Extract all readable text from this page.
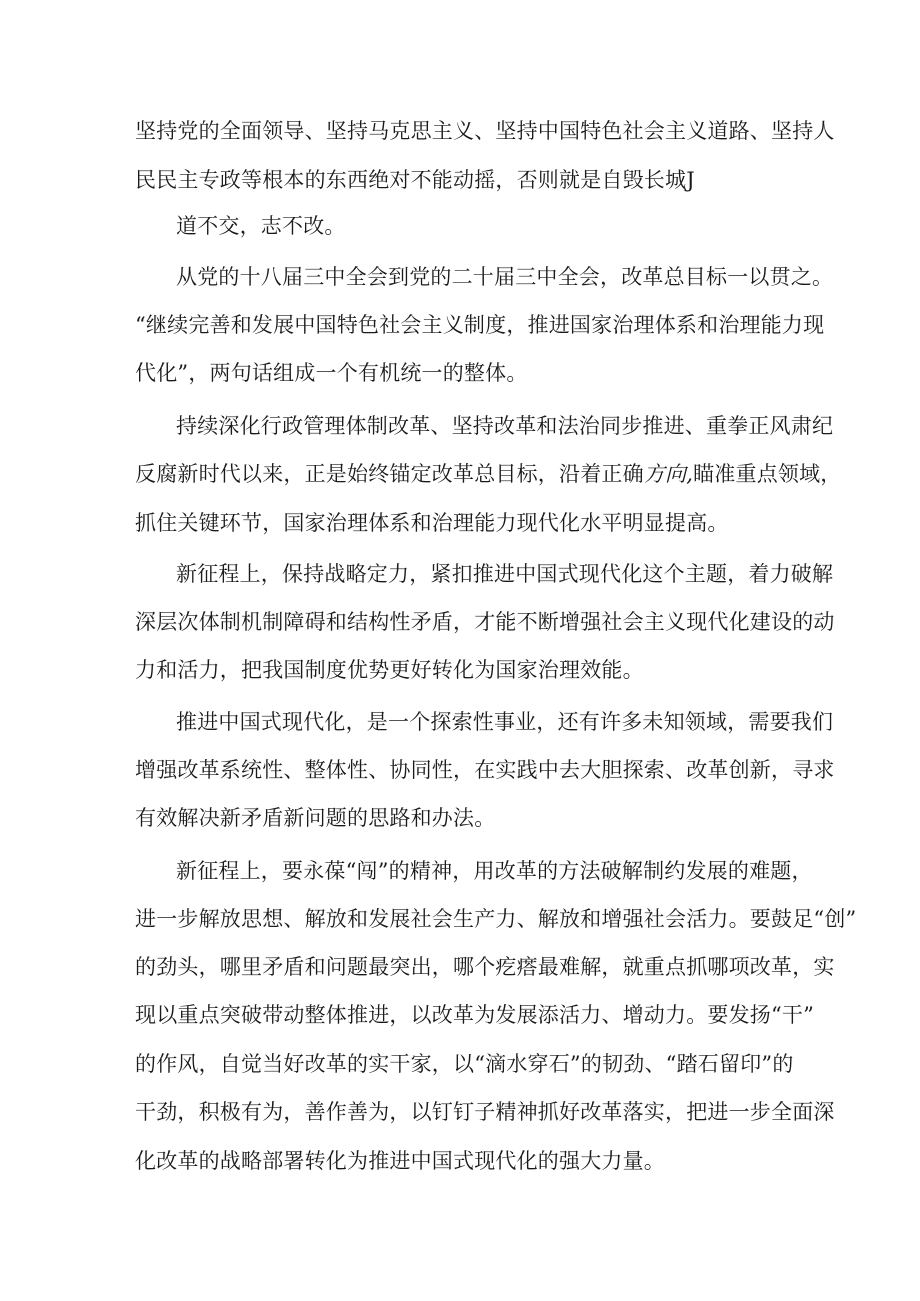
坚持党的全面领导、坚持马克思主义、坚持中国特色社会主义道路、坚持人

民民主专政等根本的东西绝对不能动摇，否则就是自毁长城J

道不交，志不改。

从党的十八届三中全会到党的二十届三中全会，改革总目标一以贯之。

“继续完善和发展中国特色社会主义制度，推进国家治理体系和治理能力现

代化”，两句话组成一个有机统一的整体。

持续深化行政管理体制改革、坚持改革和法治同步推进、重拳正风肃纪

反腐新时代以来，正是始终锚定改革总目标，沿着正确方向,瞄准重点领域，

抓住关键环节，国家治理体系和治理能力现代化水平明显提高。

新征程上，保持战略定力，紧扣推进中国式现代化这个主题，着力破解

深层次体制机制障碍和结构性矛盾，才能不断增强社会主义现代化建设的动

力和活力，把我国制度优势更好转化为国家治理效能。

推进中国式现代化，是一个探索性事业，还有许多未知领域，需要我们

增强改革系统性、整体性、协同性，在实践中去大胆探索、改革创新，寻求

有效解决新矛盾新问题的思路和办法。

新征程上，要永葆“闯”的精神，用改革的方法破解制约发展的难题，

进一步解放思想、解放和发展社会生产力、解放和增强社会活力。要鼓足“创”

的劲头，哪里矛盾和问题最突出，哪个疙瘩最难解，就重点抓哪项改革，实

现以重点突破带动整体推进，以改革为发展添活力、增动力。要发扬“干”

的作风，自觉当好改革的实干家，以“滴水穿石”的韧劲、“踏石留印”的

干劲，积极有为，善作善为，以钉钉子精神抓好改革落实，把进一步全面深

化改革的战略部署转化为推进中国式现代化的强大力量。
